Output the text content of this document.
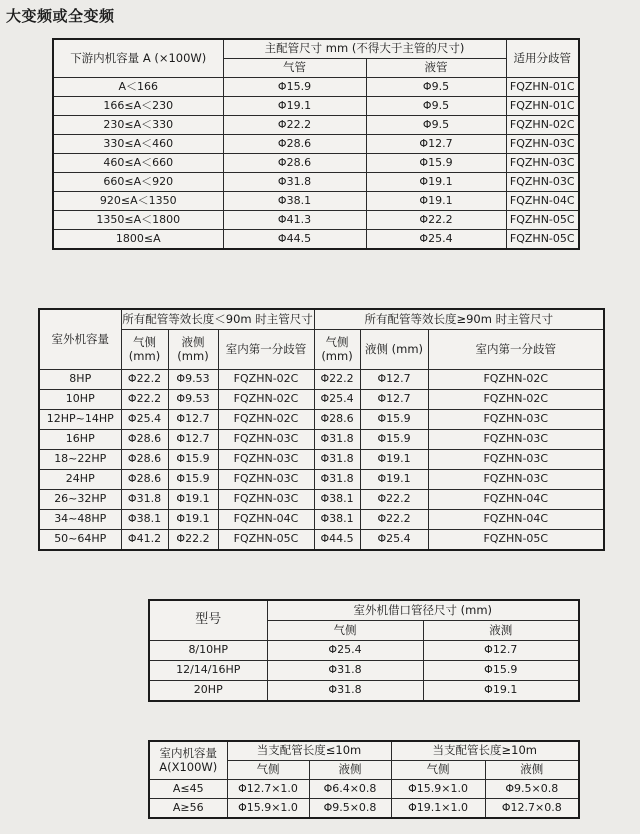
大变频或全变频
下游内机容量 A (×100W)	主配管尺寸 mm (不得大于主管的尺寸)		适用分歧管
	气管	液管	
A＜166	Φ15.9	Φ9.5	FQZHN-01C
166≤A＜230	Φ19.1	Φ9.5	FQZHN-01C
230≤A＜330	Φ22.2	Φ9.5	FQZHN-02C
330≤A＜460	Φ28.6	Φ12.7	FQZHN-03C
460≤A＜660	Φ28.6	Φ15.9	FQZHN-03C
660≤A＜920	Φ31.8	Φ19.1	FQZHN-03C
920≤A＜1350	Φ38.1	Φ19.1	FQZHN-04C
1350≤A＜1800	Φ41.3	Φ22.2	FQZHN-05C
1800≤A	Φ44.5	Φ25.4	FQZHN-05C
室外机容量	所有配管等效长度＜90m 时主管尺寸			所有配管等效长度≥90m 时主管尺寸		
	气侧 (mm)	液侧 (mm)	室内第一分歧管	气侧 (mm)	液侧 (mm)	室内第一分歧管
8HP	Φ22.2	Φ9.53	FQZHN-02C	Φ22.2	Φ12.7	FQZHN-02C
10HP	Φ22.2	Φ9.53	FQZHN-02C	Φ25.4	Φ12.7	FQZHN-02C
12HP~14HP	Φ25.4	Φ12.7	FQZHN-02C	Φ28.6	Φ15.9	FQZHN-03C
16HP	Φ28.6	Φ12.7	FQZHN-03C	Φ31.8	Φ15.9	FQZHN-03C
18~22HP	Φ28.6	Φ15.9	FQZHN-03C	Φ31.8	Φ19.1	FQZHN-03C
24HP	Φ28.6	Φ15.9	FQZHN-03C	Φ31.8	Φ19.1	FQZHN-03C
26~32HP	Φ31.8	Φ19.1	FQZHN-03C	Φ38.1	Φ22.2	FQZHN-04C
34~48HP	Φ38.1	Φ19.1	FQZHN-04C	Φ38.1	Φ22.2	FQZHN-04C
50~64HP	Φ41.2	Φ22.2	FQZHN-05C	Φ44.5	Φ25.4	FQZHN-05C
型号	室外机借口管径尺寸 (mm)	
	气侧	液测
8/10HP	Φ25.4	Φ12.7
12/14/16HP	Φ31.8	Φ15.9
20HP	Φ31.8	Φ19.1
室内机容量
A(X100W)	当支配管长度≤10m		当支配管长度≥10m	
	气侧	液侧	气侧	液侧
A≤45	Φ12.7×1.0	Φ6.4×0.8	Φ15.9×1.0	Φ9.5×0.8
A≥56	Φ15.9×1.0	Φ9.5×0.8	Φ19.1×1.0	Φ12.7×0.8
